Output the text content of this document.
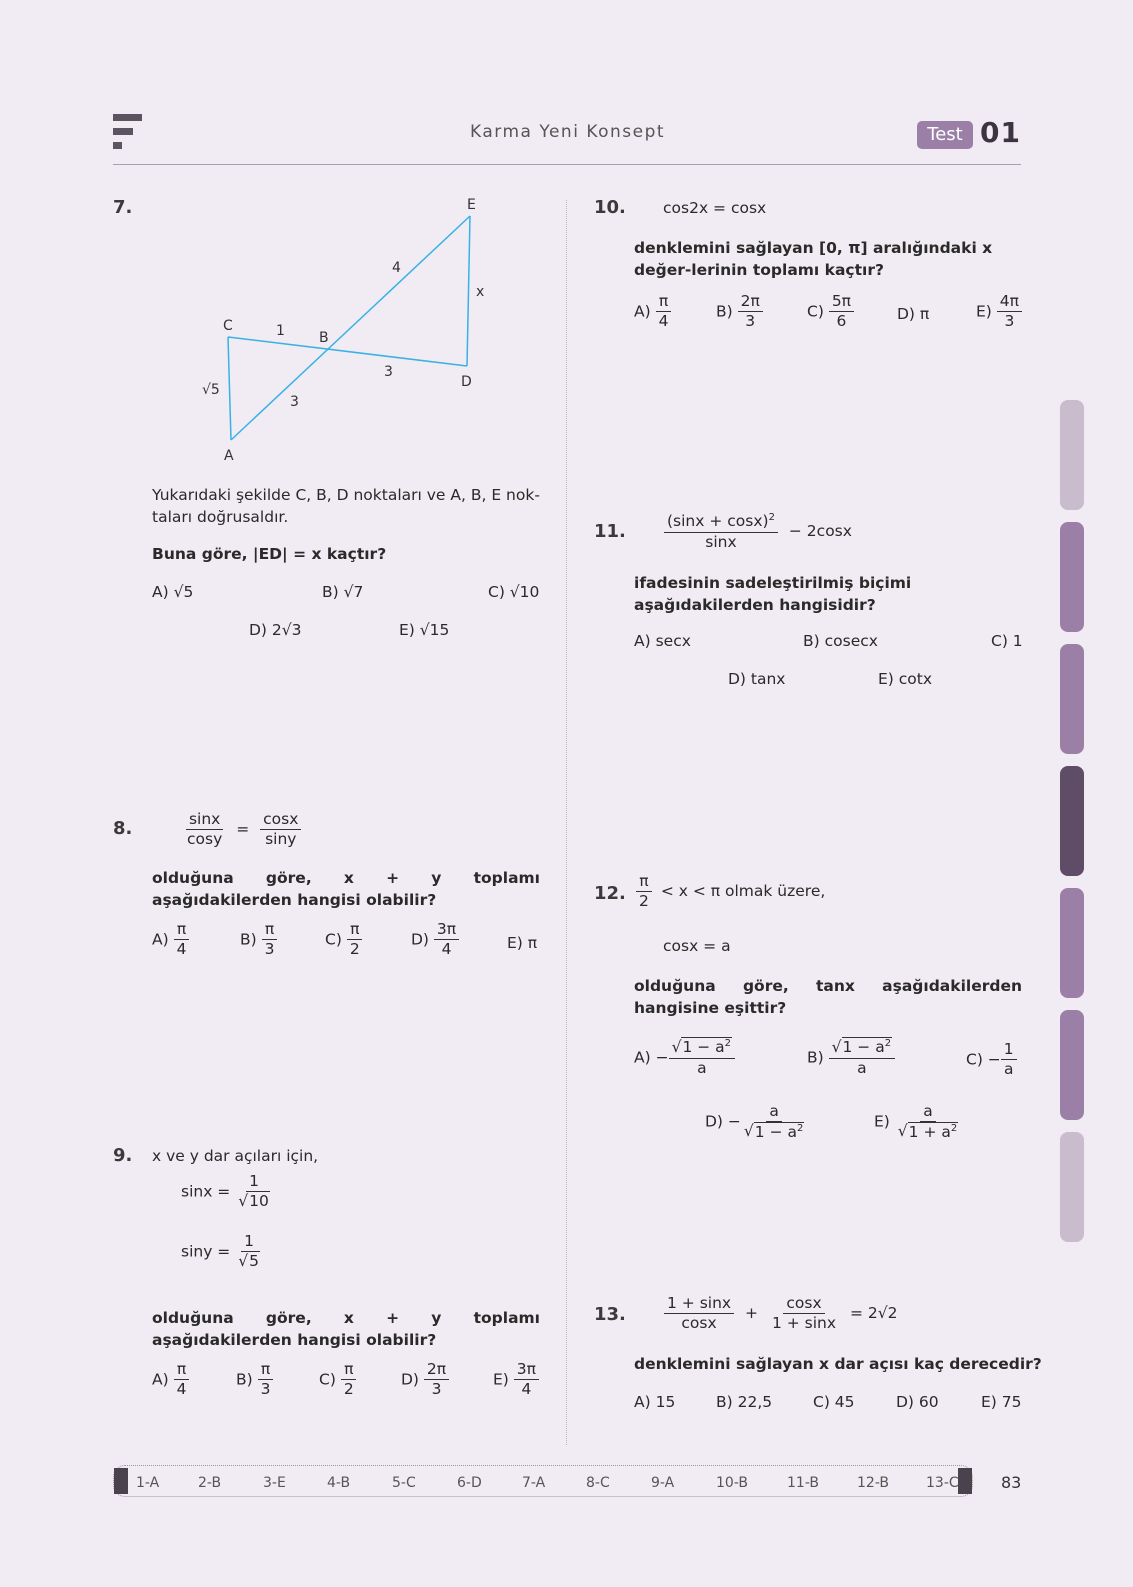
Karma Yeni Konsept	Test 01
7.
A
B
C
D
E
1
3
3
4
√5
x
Yukarıdaki şekilde C, B, D noktaları ve A, B, E nok-taları doğrusaldır.
Buna göre, |ED| = x kaçtır?
A) √5	B) √7	C) √10
D) 2√3	E) √15
8.	$\frac{\sin x}{\cos y} = \frac{\cos x}{\sin y}$
olduğuna göre, x + y toplamı aşağıdakilerden hangisi olabilir?
$A) \frac{\pi}{4}$	$B) \frac{\pi}{3}$	$C) \frac{\pi}{2}$	$D) \frac{3\pi}{4}$	E) π
9. x ve y dar açıları için,
$\sin x = \frac{1}{√10}$
$\sin y = \frac{1}{√5}$
olduğuna göre, x + y toplamı aşağıdakilerden hangisi olabilir?
$A) \frac{\pi}{4}$	$B) \frac{\pi}{3}$	$C) \frac{\pi}{2}$	$D) \frac{2\pi}{3}$	$E) \frac{3\pi}{4}$
10. cos2x = cosx
denklemini sağlayan [0, π] aralığındaki x değer-lerinin toplamı kaçtır?
$A) \frac{\pi}{4}$	$B) \frac{2\pi}{3}$	$C) \frac{5\pi}{6}$	D) π	$E) \frac{4\pi}{3}$
11. $\frac{(\sin x + \cos x)^2}{\sin x} - 2\cos x$
ifadesinin sadeleştirilmiş biçimi aşağıdakilerden hangisidir?
A) secx	B) cosecx	C) 1
D) tanx	E) cotx
12. $\frac{\pi}{2} < x < \pi$ olmak üzere,
cosx = a
olduğuna göre, tanx aşağıdakilerden hangisine eşittir?
$A) - \frac{√1 - a^2}{a}$	$B) \frac{√1 - a^2}{a}$	$C) - \frac{1}{a}$
$D) - \frac{a}{√1 - a^2}$	$E) \frac{a}{√1 + a^2}$
13. $\frac{1 + \sin x}{\cos x} + \frac{\cos x}{1 + \sin x} = 2√2$
denklemini sağlayan x dar açısı kaç derecedir?
A) 15	B) 22,5	C) 45	D) 60	E) 75
1-A	2-B	3-E	4-B	5-C	6-D	7-A	8-C	9-A	10-B	11-B	12-B	13-C	83
